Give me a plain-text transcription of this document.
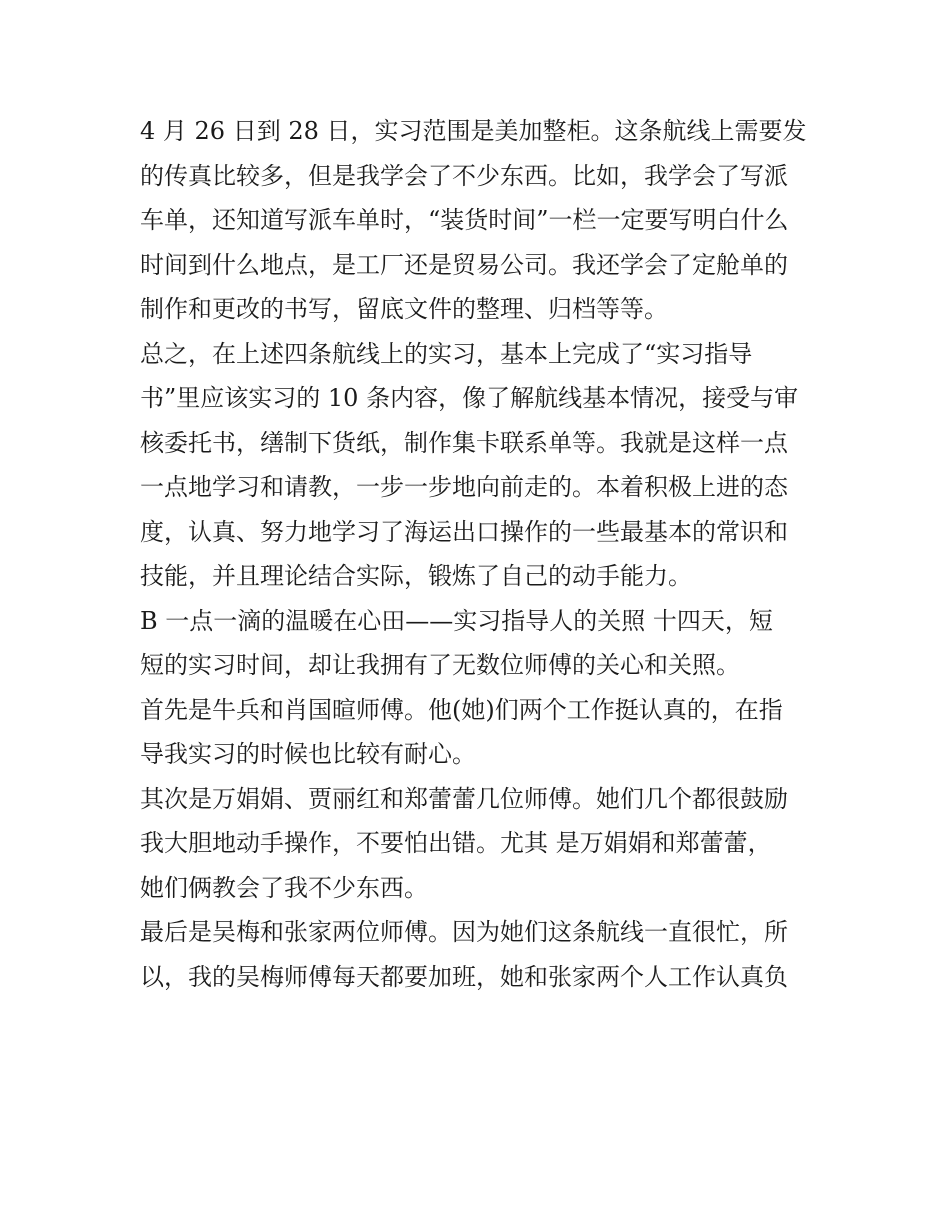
4 月 26 日到 28 日，实习范围是美加整柜。这条航线上需要发
的传真比较多，但是我学会了不少东西。比如，我学会了写派
车单，还知道写派车单时，“装货时间”一栏一定要写明白什么
时间到什么地点，是工厂还是贸易公司。我还学会了定舱单的
制作和更改的书写，留底文件的整理、归档等等。
总之，在上述四条航线上的实习，基本上完成了“实习指导
书”里应该实习的 10 条内容，像了解航线基本情况，接受与审
核委托书，缮制下货纸，制作集卡联系单等。我就是这样一点
一点地学习和请教，一步一步地向前走的。本着积极上进的态
度，认真、努力地学习了海运出口操作的一些最基本的常识和
技能，并且理论结合实际，锻炼了自己的动手能力。
B 一点一滴的温暖在心田——实习指导人的关照 十四天，短
短的实习时间，却让我拥有了无数位师傅的关心和关照。
首先是牛兵和肖国暄师傅。他(她)们两个工作挺认真的，在指
导我实习的时候也比较有耐心。
其次是万娟娟、贾丽红和郑蕾蕾几位师傅。她们几个都很鼓励
我大胆地动手操作，不要怕出错。尤其 是万娟娟和郑蕾蕾，
她们俩教会了我不少东西。
最后是吴梅和张家两位师傅。因为她们这条航线一直很忙，所
以，我的吴梅师傅每天都要加班，她和张家两个人工作认真负
